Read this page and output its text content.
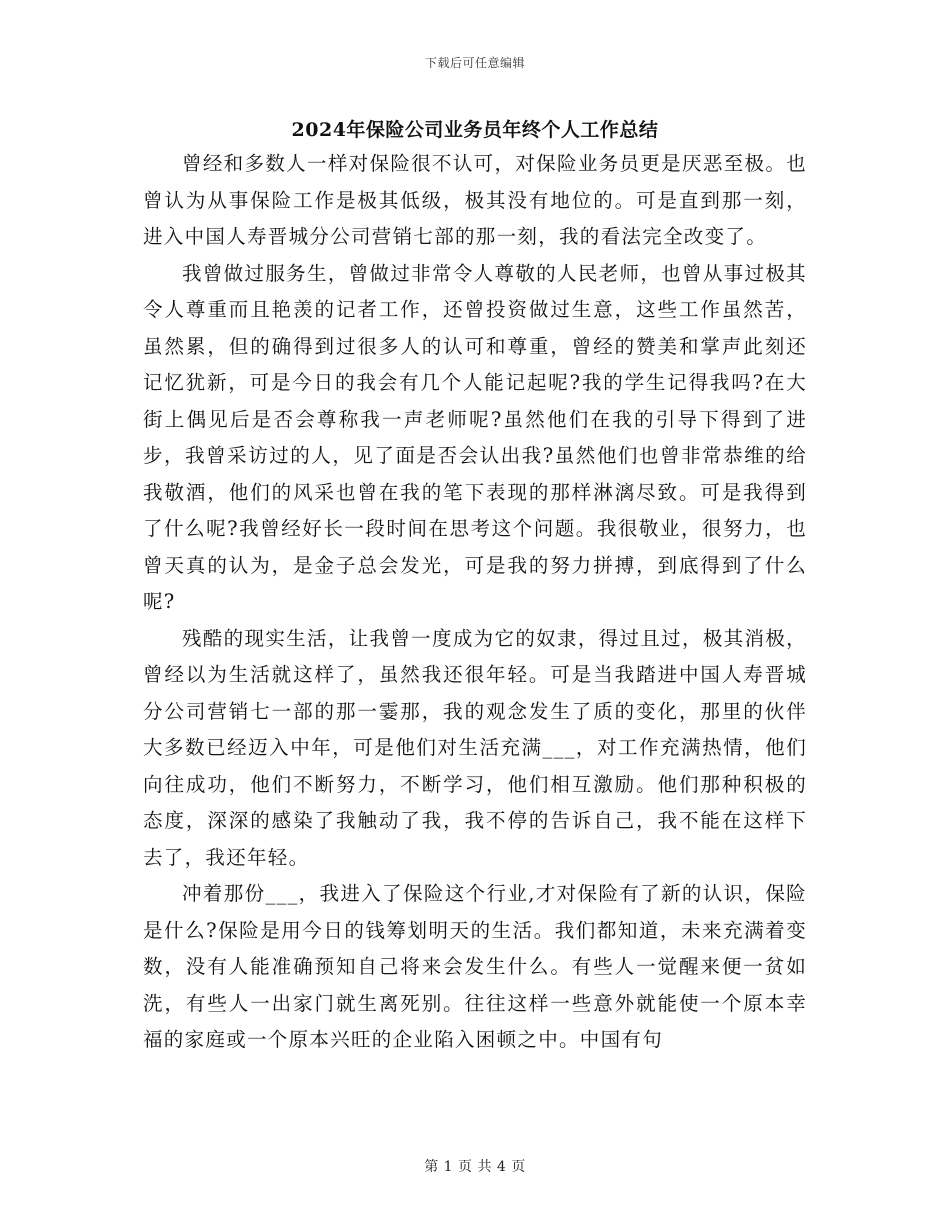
下载后可任意编辑
2024年保险公司业务员年终个人工作总结

曾经和多数人一样对保险很不认可，对保险业务员更是厌恶至极。也曾认为从事保险工作是极其低级，极其没有地位的。可是直到那一刻，进入中国人寿晋城分公司营销七部的那一刻，我的看法完全改变了。

我曾做过服务生，曾做过非常令人尊敬的人民老师，也曾从事过极其令人尊重而且艳羡的记者工作，还曾投资做过生意，这些工作虽然苦，虽然累，但的确得到过很多人的认可和尊重，曾经的赞美和掌声此刻还记忆犹新，可是今日的我会有几个人能记起呢?我的学生记得我吗?在大街上偶见后是否会尊称我一声老师呢?虽然他们在我的引导下得到了进步，我曾采访过的人，见了面是否会认出我?虽然他们也曾非常恭维的给我敬酒，他们的风采也曾在我的笔下表现的那样淋漓尽致。可是我得到了什么呢?我曾经好长一段时间在思考这个问题。我很敬业，很努力，也曾天真的认为，是金子总会发光，可是我的努力拼搏，到底得到了什么呢?

残酷的现实生活，让我曾一度成为它的奴隶，得过且过，极其消极，曾经以为生活就这样了，虽然我还很年轻。可是当我踏进中国人寿晋城分公司营销七一部的那一霎那，我的观念发生了质的变化，那里的伙伴大多数已经迈入中年，可是他们对生活充满___，对工作充满热情，他们向往成功，他们不断努力，不断学习，他们相互激励。他们那种积极的态度，深深的感染了我触动了我，我不停的告诉自己，我不能在这样下去了，我还年轻。

冲着那份___，我进入了保险这个行业,才对保险有了新的认识，保险是什么?保险是用今日的钱筹划明天的生活。我们都知道，未来充满着变数，没有人能准确预知自己将来会发生什么。有些人一觉醒来便一贫如洗，有些人一出家门就生离死别。往往这样一些意外就能使一个原本幸福的家庭或一个原本兴旺的企业陷入困顿之中。中国有句

第 1 页 共 4 页
